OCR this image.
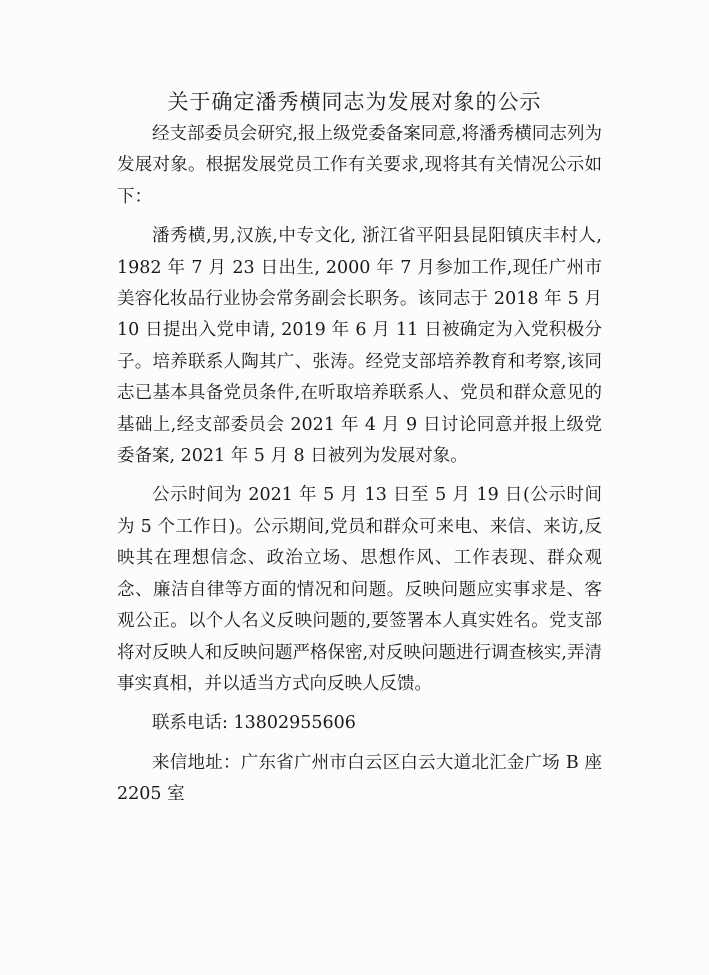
关于确定潘秀横同志为发展对象的公示

经支部委员会研究,报上级党委备案同意,将潘秀横同志列为发展对象。根据发展党员工作有关要求,现将其有关情况公示如下：

潘秀横,男,汉族,中专文化, 浙江省平阳县昆阳镇庆丰村人, 1982 年 7 月 23 日出生, 2000 年 7 月参加工作,现任广州市美容化妆品行业协会常务副会长职务。该同志于 2018 年 5 月 10 日提出入党申请, 2019 年 6 月 11 日被确定为入党积极分子。培养联系人陶其广、张涛。经党支部培养教育和考察,该同志已基本具备党员条件,在听取培养联系人、党员和群众意见的基础上,经支部委员会 2021 年 4 月 9 日讨论同意并报上级党委备案, 2021 年 5 月 8 日被列为发展对象。

公示时间为 2021 年 5 月 13 日至 5 月 19 日(公示时间为 5 个工作日)。公示期间,党员和群众可来电、来信、来访,反映其在理想信念、政治立场、思想作风、工作表现、群众观念、廉洁自律等方面的情况和问题。反映问题应实事求是、客观公正。以个人名义反映问题的,要签署本人真实姓名。党支部将对反映人和反映问题严格保密,对反映问题进行调查核实,弄清事实真相，并以适当方式向反映人反馈。

联系电话: 13802955606

来信地址：广东省广州市白云区白云大道北汇金广场 B 座 2205 室
